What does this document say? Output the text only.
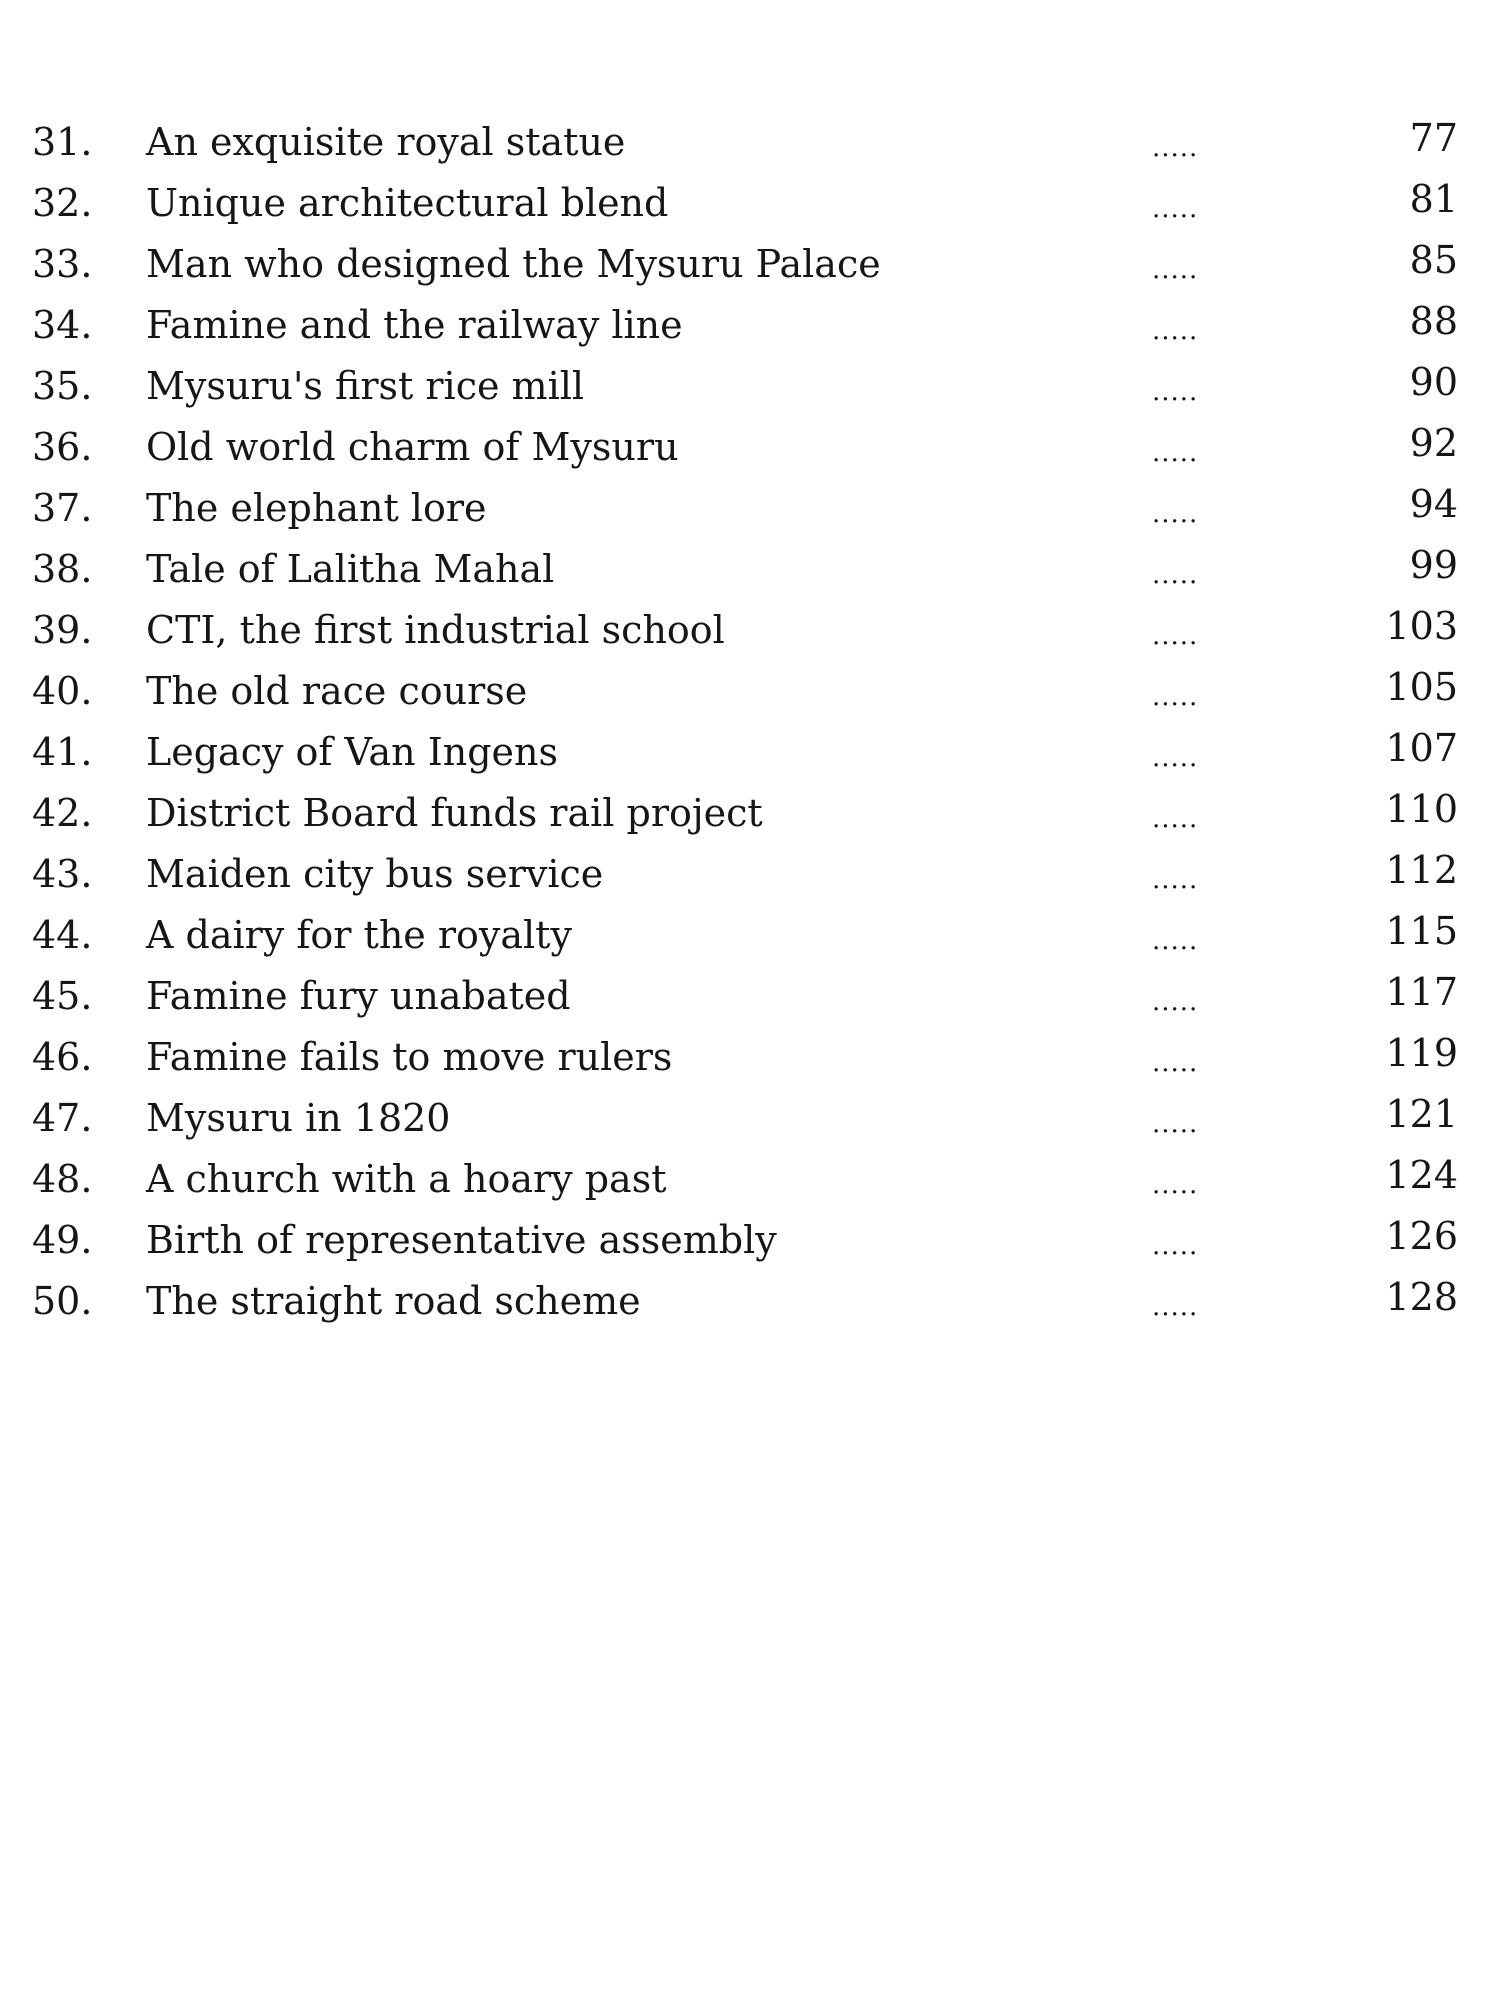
31. An exquisite royal statue	.....	77
32. Unique architectural blend	.....	81
33. Man who designed the Mysuru Palace	.....	85
34. Famine and the railway line	.....	88
35. Mysuru's first rice mill	.....	90
36. Old world charm of Mysuru	.....	92
37. The elephant lore	.....	94
38. Tale of Lalitha Mahal	.....	99
39. CTI, the first industrial school	.....	103
40. The old race course	.....	105
41. Legacy of Van Ingens	.....	107
42. District Board funds rail project	.....	110
43. Maiden city bus service	.....	112
44. A dairy for the royalty	.....	115
45. Famine fury unabated	.....	117
46. Famine fails to move rulers	.....	119
47. Mysuru in 1820	.....	121
48. A church with a hoary past	.....	124
49. Birth of representative assembly	.....	126
50. The straight road scheme	.....	128
